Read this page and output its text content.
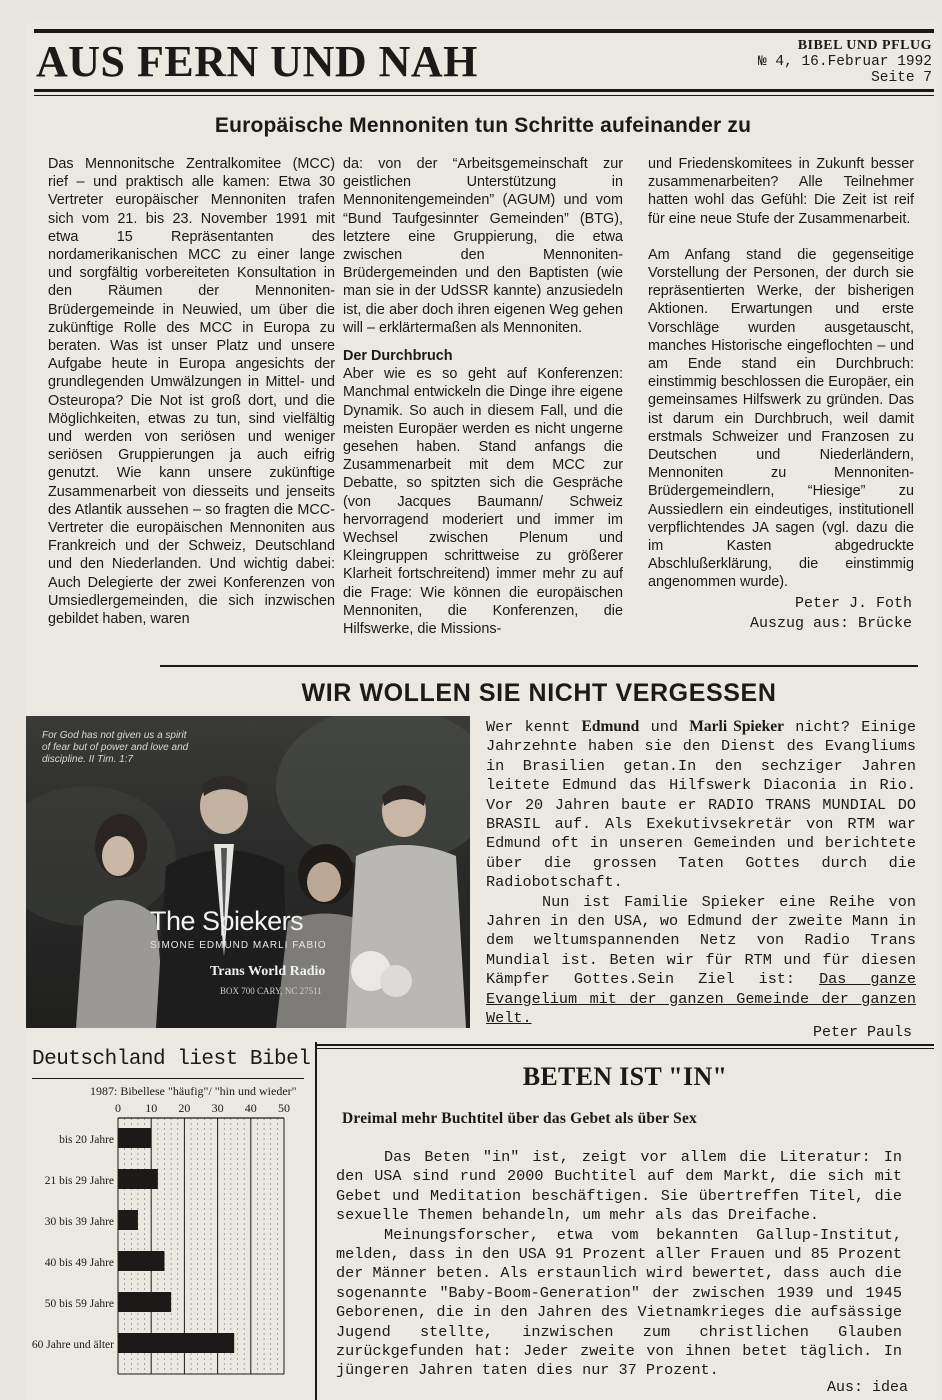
AUS FERN UND NAH	BIBEL UND PFLUG
№ 4, 16.Februar 1992
Seite 7
Europäische Mennoniten tun Schritte aufeinander zu

Das Mennonitsche Zentralkomitee (MCC) rief – und praktisch alle kamen: Etwa 30 Vertreter europäischer Mennoniten trafen sich vom 21. bis 23. November 1991 mit etwa 15 Repräsentanten des nordamerikanischen MCC zu einer lange und sorgfältig vorbereiteten Konsultation in den Räumen der Mennoniten-Brüdergemeinde in Neuwied, um über die zukünftige Rolle des MCC in Europa zu beraten. Was ist unser Platz und unsere Aufgabe heute in Europa angesichts der grundlegenden Umwälzungen in Mittel- und Osteuropa? Die Not ist groß dort, und die Möglichkeiten, etwas zu tun, sind vielfältig und werden von seriösen und weniger seriösen Gruppierungen ja auch eifrig genutzt. Wie kann unsere zukünftige Zusammenarbeit von diesseits und jenseits des Atlantik aussehen – so fragten die MCC-Vertreter die europäischen Mennoniten aus Frankreich und der Schweiz, Deutschland und den Niederlanden. Und wichtig dabei: Auch Delegierte der zwei Konferenzen von Umsiedlergemeinden, die sich inzwischen gebildet haben, waren

da: von der “Arbeitsgemeinschaft zur geistlichen Unterstützung in Mennonitengemeinden” (AGUM) und vom “Bund Taufgesinnter Gemeinden” (BTG), letztere eine Gruppierung, die etwa zwischen den Mennoniten-Brüdergemeinden und den Baptisten (wie man sie in der UdSSR kannte) anzusiedeln ist, die aber doch ihren eigenen Weg gehen will – erklärtermaßen als Mennoniten.

Der Durchbruch

Aber wie es so geht auf Konferenzen: Manchmal entwickeln die Dinge ihre eigene Dynamik. So auch in diesem Fall, und die meisten Europäer werden es nicht ungerne gesehen haben. Stand anfangs die Zusammenarbeit mit dem MCC zur Debatte, so spitzten sich die Gespräche (von Jacques Baumann/ Schweiz hervorragend moderiert und immer im Wechsel zwischen Plenum und Kleingruppen schrittweise zu größerer Klarheit fortschreitend) immer mehr zu auf die Frage: Wie können die europäischen Mennoniten, die Konferenzen, die Hilfswerke, die Missions-

und Friedenskomitees in Zukunft besser zusammenarbeiten? Alle Teilnehmer hatten wohl das Gefühl: Die Zeit ist reif für eine neue Stufe der Zusammenarbeit.

Am Anfang stand die gegenseitige Vorstellung der Personen, der durch sie repräsentierten Werke, der bisherigen Aktionen. Erwartungen und erste Vorschläge wurden ausgetauscht, manches Historische eingeflochten – und am Ende stand ein Durchbruch: einstimmig beschlossen die Europäer, ein gemeinsames Hilfswerk zu gründen. Das ist darum ein Durchbruch, weil damit erstmals Schweizer und Franzosen zu Deutschen und Niederländern, Mennoniten zu Mennoniten-Brüdergemeindlern, “Hiesige” zu Aussiedlern ein eindeutiges, institutionell verpflichtendes JA sagen (vgl. dazu die im Kasten abgedruckte Abschlußerklärung, die einstimmig angenommen wurde).

Peter J. Foth
Auszug aus: Brücke
WIR WOLLEN SIE NICHT VERGESSEN
For God has not given us a spirit of fear but of power and love and discipline. II Tim. 1:7
The Spiekers
SIMONE EDMUND MARLI FABIO
Trans World Radio
BOX 700 CARY, NC 27511

Wer kennt Edmund und Marli Spieker nicht? Einige Jahrzehnte haben sie den Dienst des Evangliums in Brasilien getan.In den sechziger Jahren leitete Edmund das Hilfswerk Diaconia in Rio. Vor 20 Jahren baute er RADIO TRANS MUNDIAL DO BRASIL auf. Als Exekutivsekretär von RTM war Edmund oft in unseren Gemeinden und berichtete über die grossen Taten Gottes durch die Radiobotschaft.

Nun ist Familie Spieker eine Reihe von Jahren in den USA, wo Edmund der zweite Mann in dem weltumspannenden Netz von Radio Trans Mundial ist. Beten wir für RTM und für diesen Kämpfer Gottes.Sein Ziel ist: Das ganze Evangelium mit der ganzen Gemeinde der ganzen Welt.

Peter Pauls
Deutschland liest Bibel
1987: Bibellese "häufig"/ "hin und wieder"
0 10 20 30 40 50
bis 20 Jahre
21 bis 29 Jahre
30 bis 39 Jahre
40 bis 49 Jahre
50 bis 59 Jahre
60 Jahre und älter
BETEN IST "IN"
Dreimal mehr Buchtitel über das Gebet als über Sex

Das Beten "in" ist, zeigt vor allem die Literatur: In den USA sind rund 2000 Buchtitel auf dem Markt, die sich mit Gebet und Meditation beschäftigen. Sie übertreffen Titel, die sexuelle Themen behandeln, um mehr als das Dreifache.

Meinungsforscher, etwa vom bekannten Gallup-Institut, melden, dass in den USA 91 Prozent aller Frauen und 85 Prozent der Männer beten. Als erstaunlich wird bewertet, dass auch die sogenannte "Baby-Boom-Generation" der zwischen 1939 und 1945 Geborenen, die in den Jahren des Vietnamkrieges die aufsässige Jugend stellte, inzwischen zum christlichen Glauben zurückgefunden hat: Jeder zweite von ihnen betet täglich. In jüngeren Jahren taten dies nur 37 Prozent.

Aus: idea
